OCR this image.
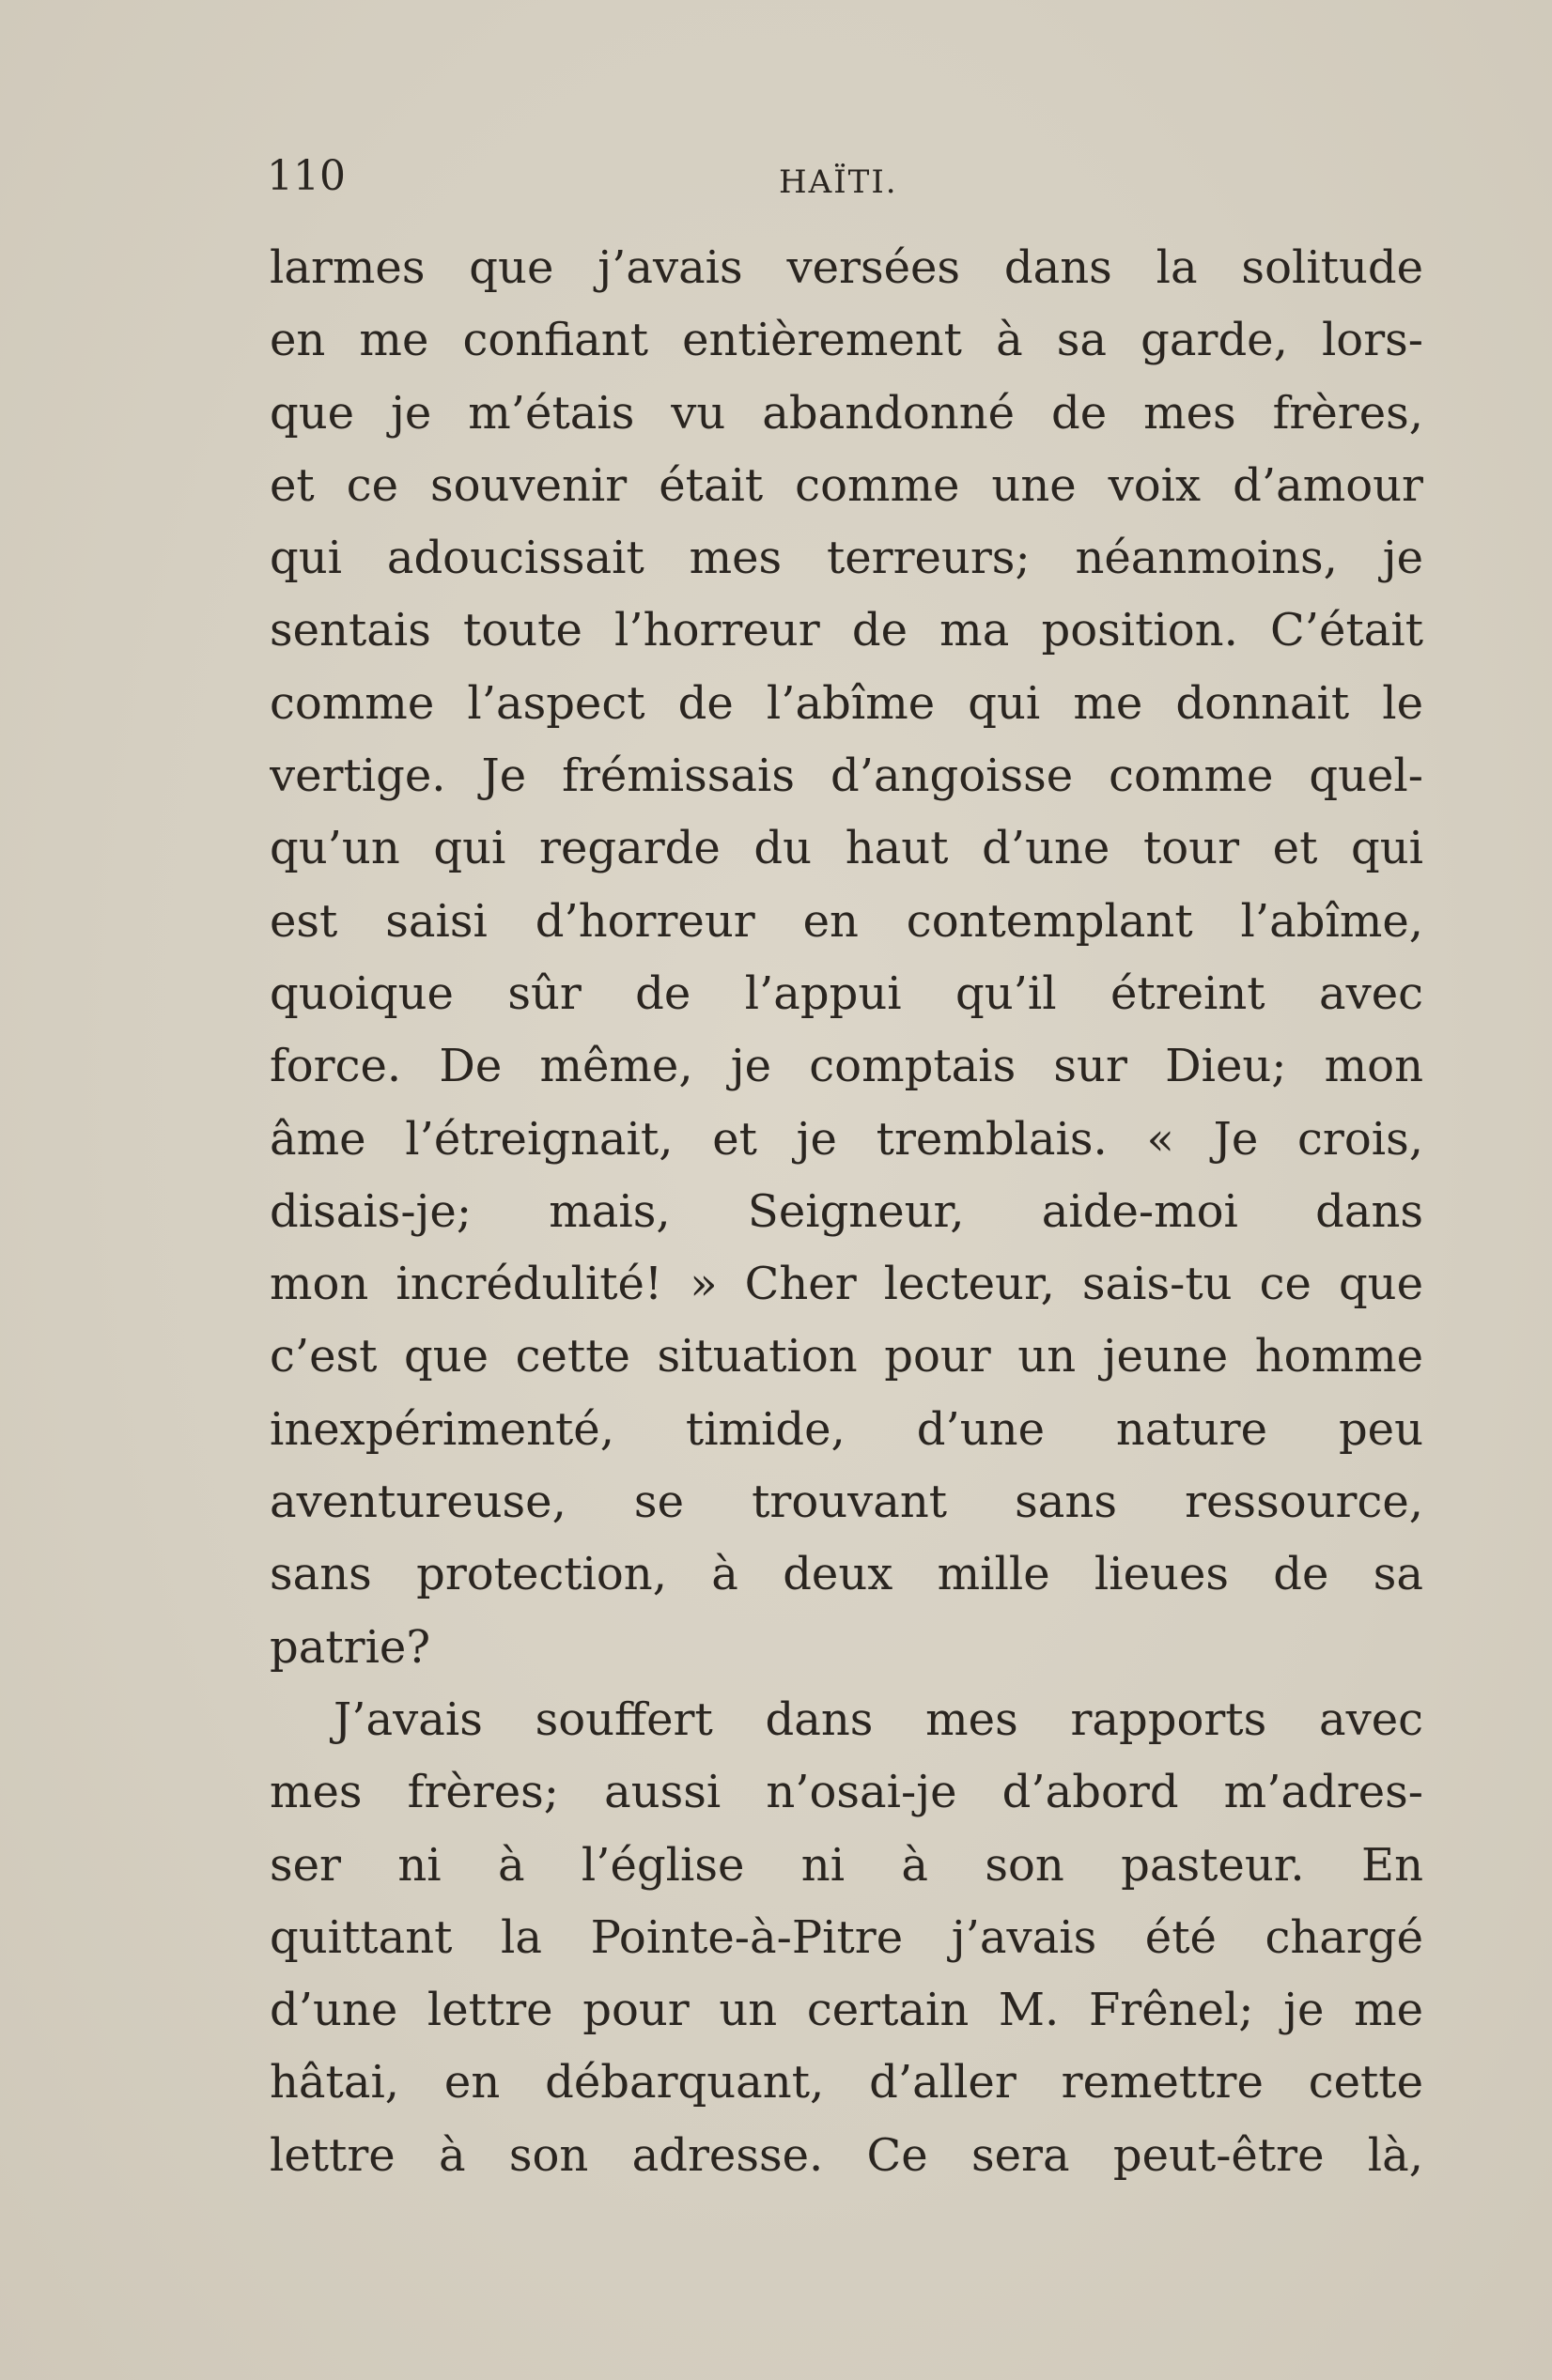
110	HAÏTI.
larmes que j’avais versées dans la solitude
en me confiant entièrement à sa garde, lors-
que je m’étais vu abandonné de mes frères,
et ce souvenir était comme une voix d’amour
qui adoucissait mes terreurs; néanmoins, je
sentais toute l’horreur de ma position. C’était
comme l’aspect de l’abîme qui me donnait le
vertige. Je frémissais d’angoisse comme quel-
qu’un qui regarde du haut d’une tour et qui
est saisi d’horreur en contemplant l’abîme,
quoique sûr de l’appui qu’il étreint avec
force. De même, je comptais sur Dieu; mon
âme l’étreignait, et je tremblais. « Je crois,
disais-je; mais, Seigneur, aide-moi dans
mon incrédulité! » Cher lecteur, sais-tu ce que
c’est que cette situation pour un jeune homme
inexpérimenté, timide, d’une nature peu
aventureuse, se trouvant sans ressource,
sans protection, à deux mille lieues de sa
patrie?
J’avais souffert dans mes rapports avec
mes frères; aussi n’osai-je d’abord m’adres-
ser ni à l’église ni à son pasteur. En
quittant la Pointe-à-Pitre j’avais été chargé
d’une lettre pour un certain M. Frênel; je me
hâtai, en débarquant, d’aller remettre cette
lettre à son adresse. Ce sera peut-être là,
